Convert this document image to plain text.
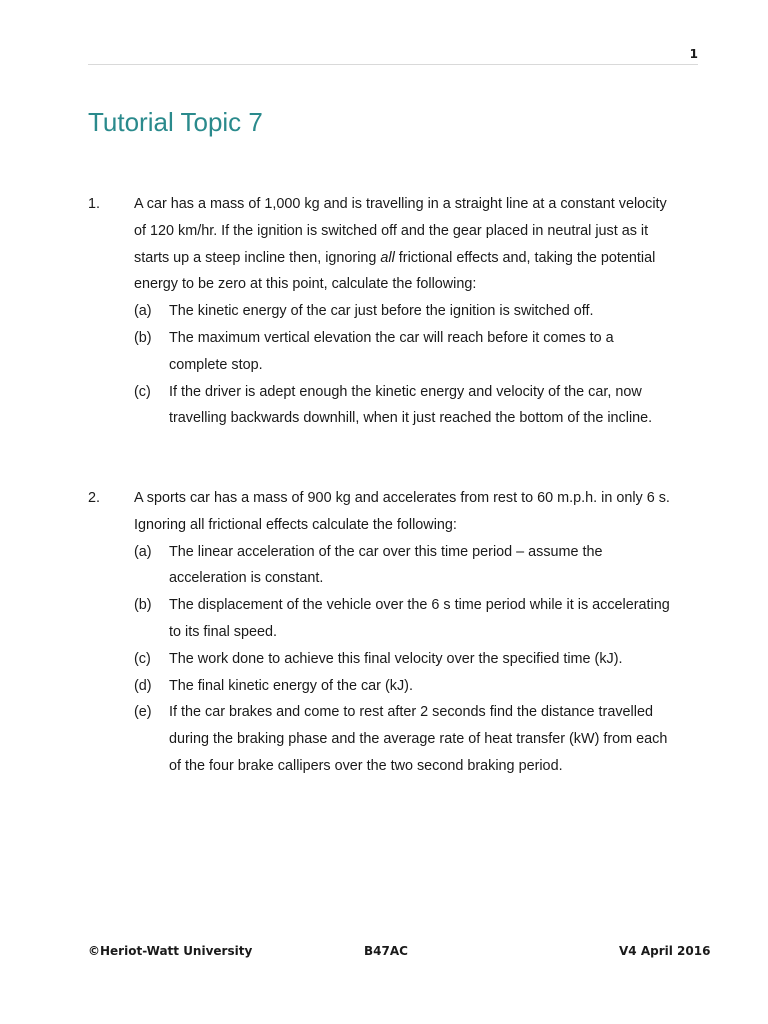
1
Tutorial Topic 7
1. A car has a mass of 1,000 kg and is travelling in a straight line at a constant velocity
of 120 km/hr. If the ignition is switched off and the gear placed in neutral just as it
starts up a steep incline then, ignoring all frictional effects and, taking the potential
energy to be zero at this point, calculate the following:
(a) The kinetic energy of the car just before the ignition is switched off.
(b) The maximum vertical elevation the car will reach before it comes to a
complete stop.
(c) If the driver is adept enough the kinetic energy and velocity of the car, now
travelling backwards downhill, when it just reached the bottom of the incline.
2. A sports car has a mass of 900 kg and accelerates from rest to 60 m.p.h. in only 6 s.
Ignoring all frictional effects calculate the following:
(a) The linear acceleration of the car over this time period – assume the
acceleration is constant.
(b) The displacement of the vehicle over the 6 s time period while it is accelerating
to its final speed.
(c) The work done to achieve this final velocity over the specified time (kJ).
(d) The final kinetic energy of the car (kJ).
(e) If the car brakes and come to rest after 2 seconds find the distance travelled
during the braking phase and the average rate of heat transfer (kW) from each
of the four brake callipers over the two second braking period.
©Heriot-Watt University	B47AC	V4 April 2016
